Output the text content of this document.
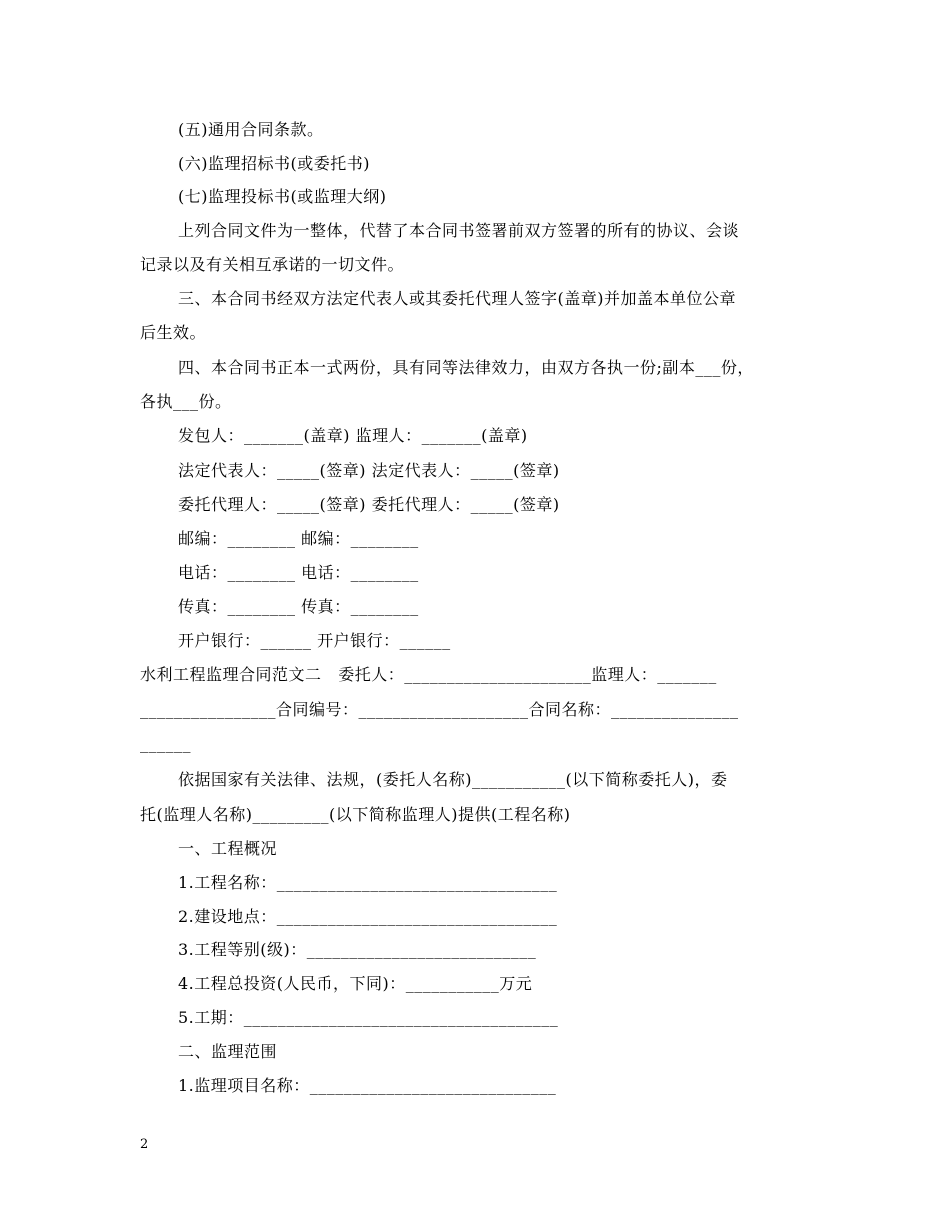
(五)通用合同条款。
(六)监理招标书(或委托书)
(七)监理投标书(或监理大纲)
上列合同文件为一整体，代替了本合同书签署前双方签署的所有的协议、会谈
记录以及有关相互承诺的一切文件。
三、本合同书经双方法定代表人或其委托代理人签字(盖章)并加盖本单位公章
后生效。
四、本合同书正本一式两份，具有同等法律效力，由双方各执一份;副本___份，
各执___份。
发包人：_______(盖章) 监理人：_______(盖章)
法定代表人：_____(签章) 法定代表人：_____(签章)
委托代理人：_____(签章) 委托代理人：_____(签章)
邮编：________ 邮编：________
电话：________ 电话：________
传真：________ 传真：________
开户银行：______ 开户银行：______
水利工程监理合同范文二   委托人：______________________监理人：_______
________________合同编号：____________________合同名称：_______________
______
依据国家有关法律、法规，(委托人名称)___________(以下简称委托人)，委
托(监理人名称)_________(以下简称监理人)提供(工程名称)
一、工程概况
1.工程名称：_________________________________
2.建设地点：_________________________________
3.工程等别(级)：___________________________
4.工程总投资(人民币，下同)：___________万元
5.工期：_____________________________________
二、监理范围
1.监理项目名称：_____________________________
2
